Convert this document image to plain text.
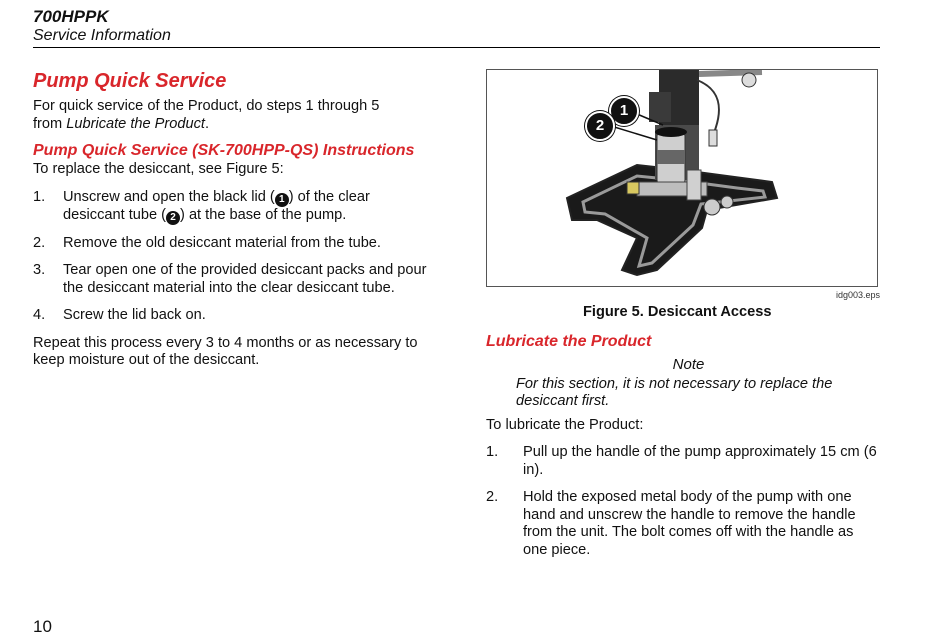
700HPPK
Service Information
Pump Quick Service

For quick service of the Product, do steps 1 through 5
from Lubricate the Product.

Pump Quick Service (SK-700HPP-QS) Instructions

To replace the desiccant, see Figure 5:

1. Unscrew and open the black lid ( 1 ) of the clear desiccant tube ( 2 ) at the base of the pump.
2. Remove the old desiccant material from the tube.
3. Tear open one of the provided desiccant packs and pour the desiccant material into the clear desiccant tube.
4. Screw the lid back on.

Repeat this process every 3 to 4 months or as necessary to keep moisture out of the desiccant.

1
2
idg003.eps
Figure 5. Desiccant Access
Lubricate the Product
Note
For this section, it is not necessary to replace the desiccant first.

To lubricate the Product:

1. Pull up the handle of the pump approximately 15 cm (6 in).
2. Hold the exposed metal body of the pump with one hand and unscrew the handle to remove the handle from the unit. The bolt comes off with the handle as one piece.
10
